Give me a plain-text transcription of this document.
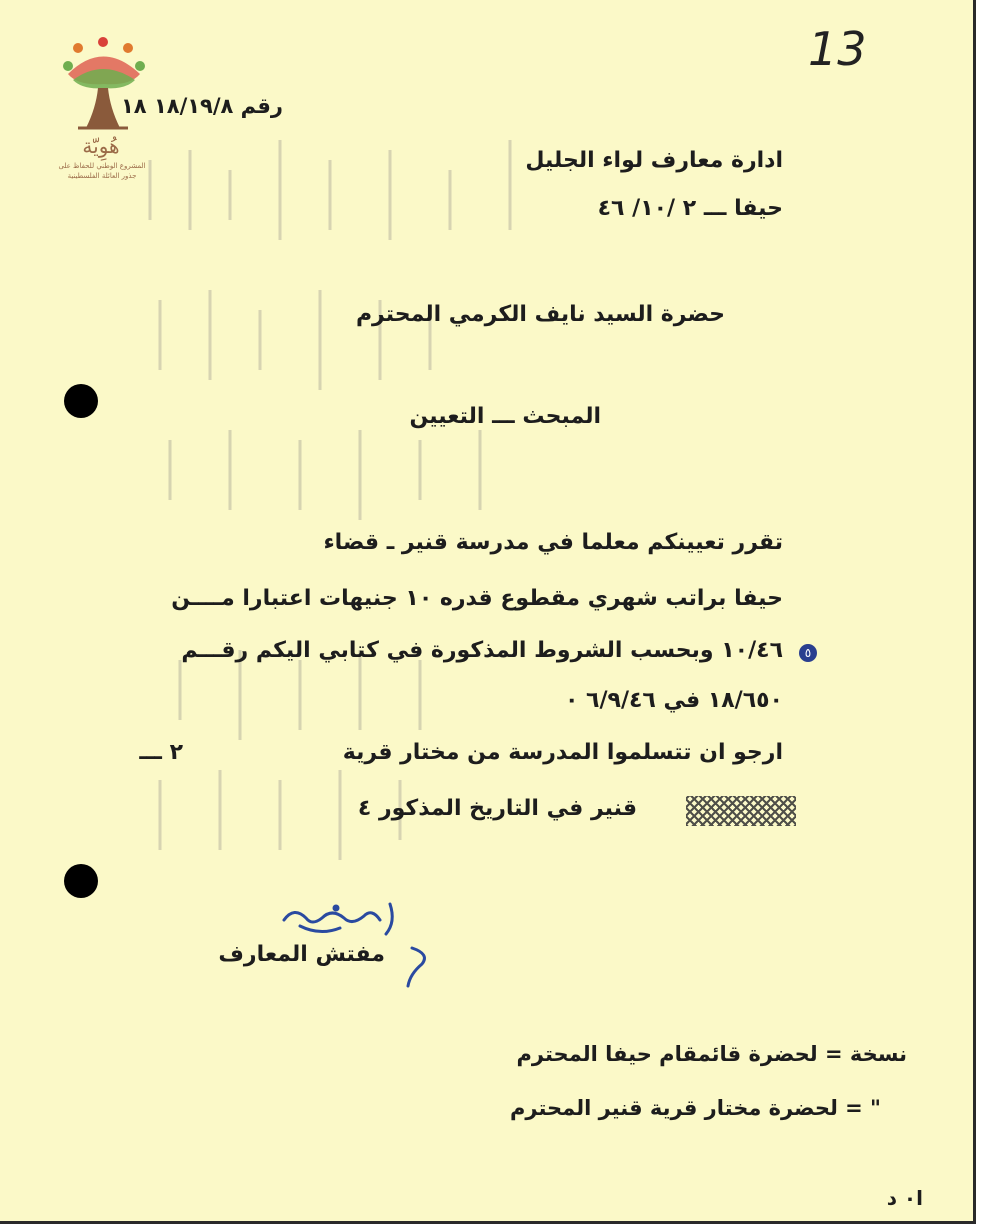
13
هُوِيّة
المشروع الوطني للحفاظ على
جذور العائلة الفلسطينية
رقم ١٨/١٩/٨ ١٨
ادارة معارف لواء الجليل
حيفا ـــ ٢ /١٠/ ٤٦
حضرة السيد نايف الكرمي المحترم
المبحث ـــ التعيين
تقرر تعيينكم معلما في مدرسة قنير ـ قضاء
حيفا براتب شهري مقطوع قدره ١٠ جنيهات اعتبارا مــــن
٥
١٠/٤٦ وبحسب الشروط المذكورة في كتابي اليكم رقـــم
١٨/٦٥٠ في ٦/٩/٤٦ ٠
٢ ـــ	ارجو ان تتسلموا المدرسة من مختار قرية
قنير في التاريخ المذكور ٤
مفتش المعارف
نسخة = لحضرة قائمقام حيفا المحترم
" = لحضرة مختار قرية قنير المحترم
ا٠ د
